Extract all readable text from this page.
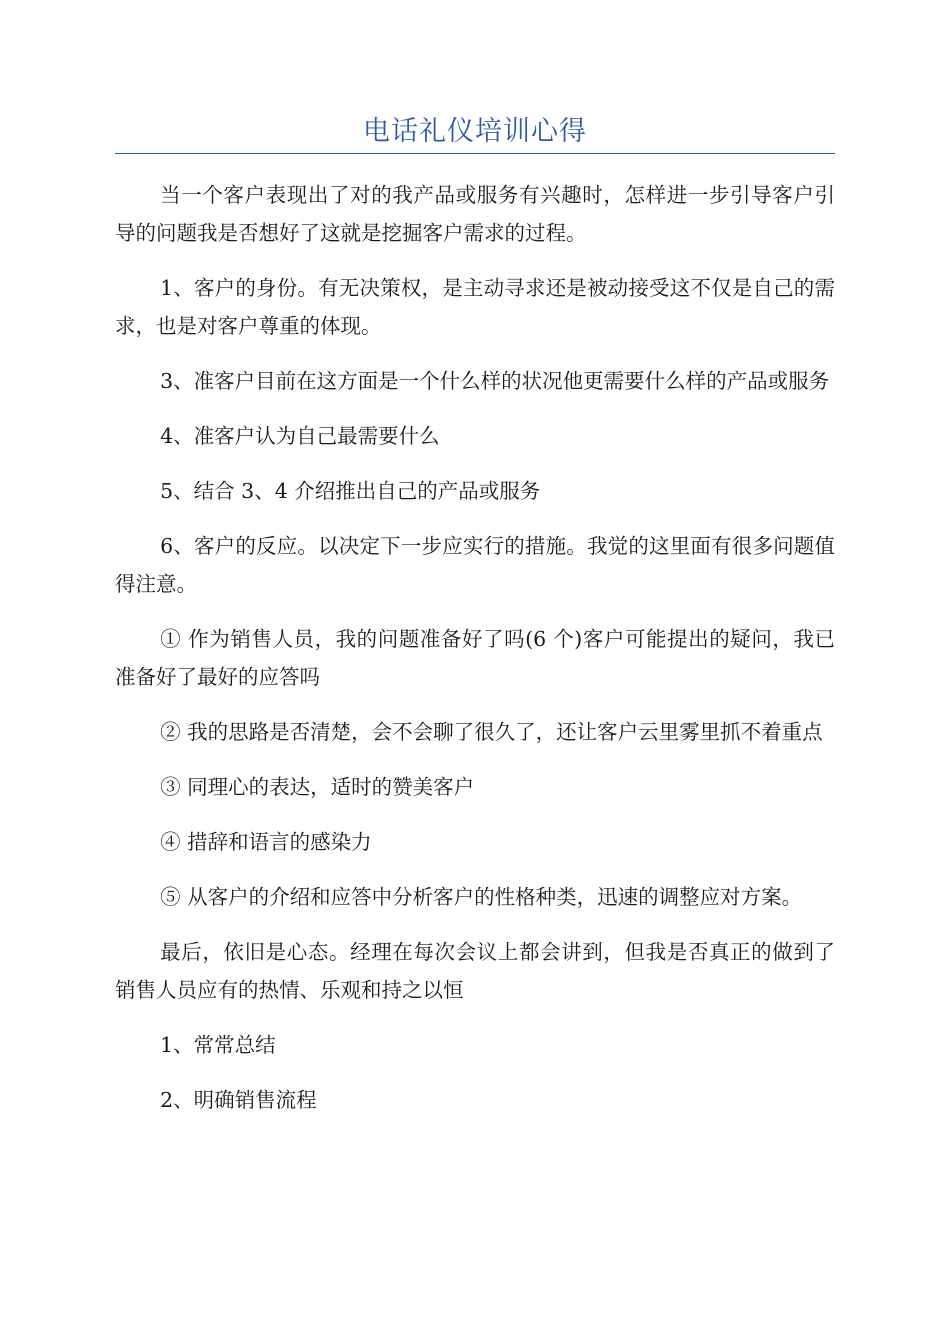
电话礼仪培训心得

当一个客户表现出了对的我产品或服务有兴趣时，怎样进一步引导客户引导的问题我是否想好了这就是挖掘客户需求的过程。

1、客户的身份。有无决策权，是主动寻求还是被动接受这不仅是自己的需求，也是对客户尊重的体现。

3、准客户目前在这方面是一个什么样的状况他更需要什么样的产品或服务

4、准客户认为自己最需要什么

5、结合 3、4 介绍推出自己的产品或服务

6、客户的反应。以决定下一步应实行的措施。我觉的这里面有很多问题值得注意。

① 作为销售人员，我的问题准备好了吗(6 个)客户可能提出的疑问，我已准备好了最好的应答吗

② 我的思路是否清楚，会不会聊了很久了，还让客户云里雾里抓不着重点

③ 同理心的表达，适时的赞美客户

④ 措辞和语言的感染力

⑤ 从客户的介绍和应答中分析客户的性格种类，迅速的调整应对方案。

最后，依旧是心态。经理在每次会议上都会讲到，但我是否真正的做到了销售人员应有的热情、乐观和持之以恒

1、常常总结

2、明确销售流程
